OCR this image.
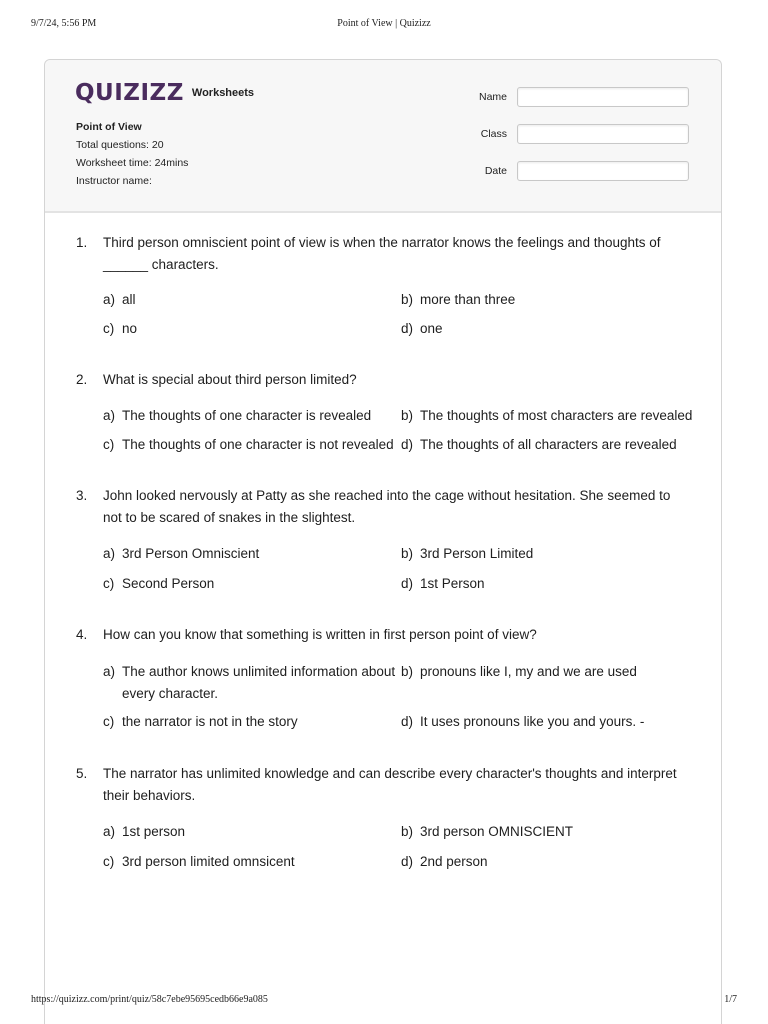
9/7/24, 5:56 PM	Point of View | Quizizz
QUIZIZZ Worksheets
Point of View
Total questions: 20
Worksheet time: 24mins
Instructor name:
Name
Class
Date
1. Third person omniscient point of view is when the narrator knows the feelings and thoughts of ______ characters.
a) all	b) more than three
c) no	d) one
2. What is special about third person limited?
a) The thoughts of one character is revealed	b) The thoughts of most characters are revealed
c) The thoughts of one character is not revealed d) The thoughts of all characters are revealed
3. John looked nervously at Patty as she reached into the cage without hesitation. She seemed to not to be scared of snakes in the slightest.
a) 3rd Person Omniscient	b) 3rd Person Limited
c) Second Person	d) 1st Person
4. How can you know that something is written in first person point of view?
a) The author knows unlimited information about every character.
b) pronouns like I, my and we are used
c) the narrator is not in the story	d) It uses pronouns like you and yours. -
5. The narrator has unlimited knowledge and can describe every character's thoughts and interpret their behaviors.
a) 1st person	b) 3rd person OMNISCIENT
c) 3rd person limited omnsicent	d) 2nd person
https://quizizz.com/print/quiz/58c7ebe95695cedb66e9a085	1/7
